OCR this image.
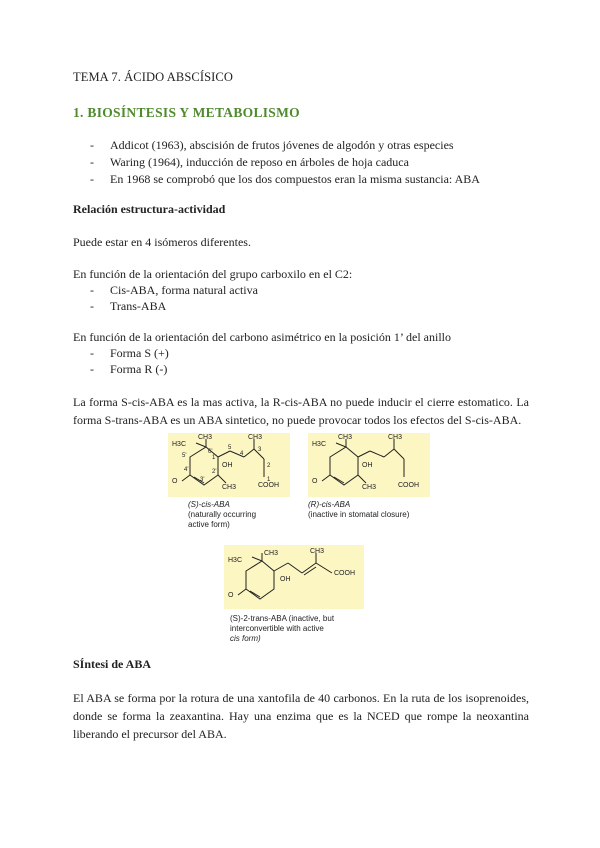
TEMA 7. ÁCIDO ABSCÍSICO
1. BIOSÍNTESIS Y METABOLISMO
- Addicot (1963), abscisión de frutos jóvenes de algodón y otras especies
- Waring (1964), inducción de reposo en árboles de hoja caduca
- En 1968 se comprobó que los dos compuestos eran la misma sustancia: ABA
Relación estructura-actividad
Puede estar en 4 isómeros diferentes.
En función de la orientación del grupo carboxilo en el C2:
- Cis-ABA, forma natural activa
- Trans-ABA
En función de la orientación del carbono asimétrico en la posición 1’ del anillo
- Forma S (+)
- Forma R (-)
La forma S-cis-ABA es la mas activa, la R-cis-ABA no puede inducir el cierre estomatico. La forma S-trans-ABA es un ABA sintetico, no puede provocar todos los efectos del S-cis-ABA.
H3C
CH3	CH3
CH3
OH
O
COOH
6'
5'
4'
3'
2'
1'
1
2
3
4
5
(S)-cis-ABA
(naturally occurring
active form)
H3C
CH3	CH3
CH3
OH
O
COOH
(R)-cis-ABA
(inactive in stomatal closure)
H3C
CH3	CH3
OH
O
COOH
(S)-2-trans-ABA (inactive, but
interconvertible with active
cis form)
SÍntesi de ABA
El ABA se forma por la rotura de una xantofila de 40 carbonos. En la ruta de los isoprenoides, donde se forma la zeaxantina. Hay una enzima que es la NCED que rompe la neoxantina liberando el precursor del ABA.
